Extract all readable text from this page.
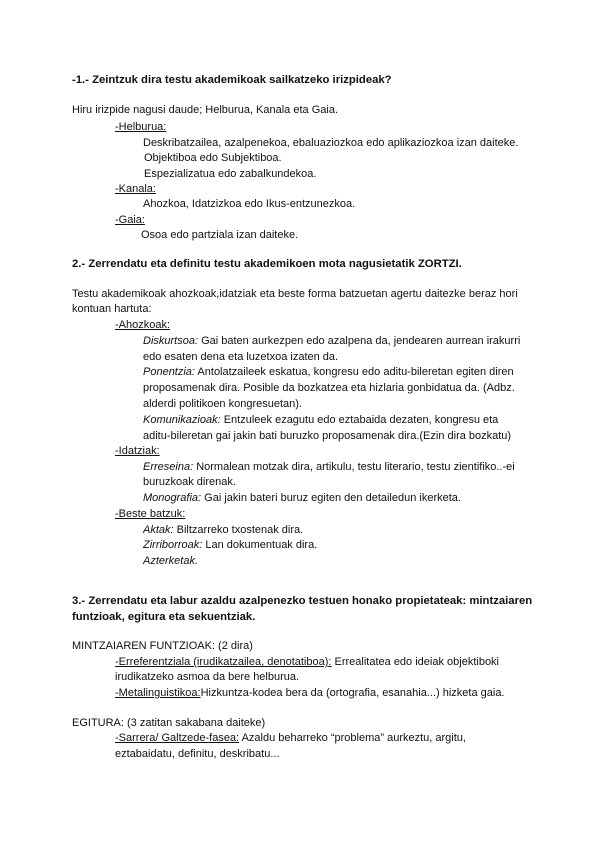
-1.- Zeintzuk dira testu akademikoak sailkatzeko irizpideak?
Hiru irizpide nagusi daude; Helburua, Kanala eta Gaia.
-Helburua:
Deskribatzailea, azalpenekoa, ebaluaziozkoa edo aplikaziozkoa izan daiteke.
Objektiboa edo Subjektiboa.
Espezializatua edo zabalkundekoa.
-Kanala:
Ahozkoa, Idatzizkoa edo Ikus-entzunezkoa.
-Gaia:
Osoa edo partziala izan daiteke.
2.- Zerrendatu eta definitu testu akademikoen mota nagusietatik ZORTZI.
Testu akademikoak ahozkoak,idatziak eta beste forma batzuetan agertu daitezke beraz hori
kontuan hartuta:
-Ahozkoak:
Diskurtsoa: Gai baten aurkezpen edo azalpena da, jendearen aurrean irakurri
edo esaten dena eta luzetxoa izaten da.
Ponentzia: Antolatzaileek eskatua, kongresu edo aditu-bileretan egiten diren
proposamenak dira. Posible da bozkatzea eta hizlaria gonbidatua da. (Adbz.
alderdi politikoen kongresuetan).
Komunikazioak: Entzuleek ezagutu edo eztabaida dezaten, kongresu eta
aditu-bileretan gai jakin bati buruzko proposamenak dira.(Ezin dira bozkatu)
-Idatziak:
Erreseina: Normalean motzak dira, artikulu, testu literario, testu zientifiko..-ei
buruzkoak direnak.
Monografia: Gai jakin bateri buruz egiten den detailedun ikerketa.
-Beste batzuk:
Aktak: Biltzarreko txostenak dira.
Zirriborroak: Lan dokumentuak dira.
Azterketak.
3.- Zerrendatu eta labur azaldu azalpenezko testuen honako propietateak: mintzaiaren
funtzioak, egitura eta sekuentziak.
MINTZAIAREN FUNTZIOAK: (2 dira)
-Erreferentziala (irudikatzailea, denotatiboa): Errealitatea edo ideiak objektiboki
irudikatzeko asmoa da bere helburua.
-Metalinguistikoa:Hizkuntza-kodea bera da (ortografia, esanahia...) hizketa gaia.
EGITURA: (3 zatitan sakabana daiteke)
-Sarrera/ Galtzede-fasea: Azaldu beharreko “problema” aurkeztu, argitu,
eztabaidatu, definitu, deskribatu...
